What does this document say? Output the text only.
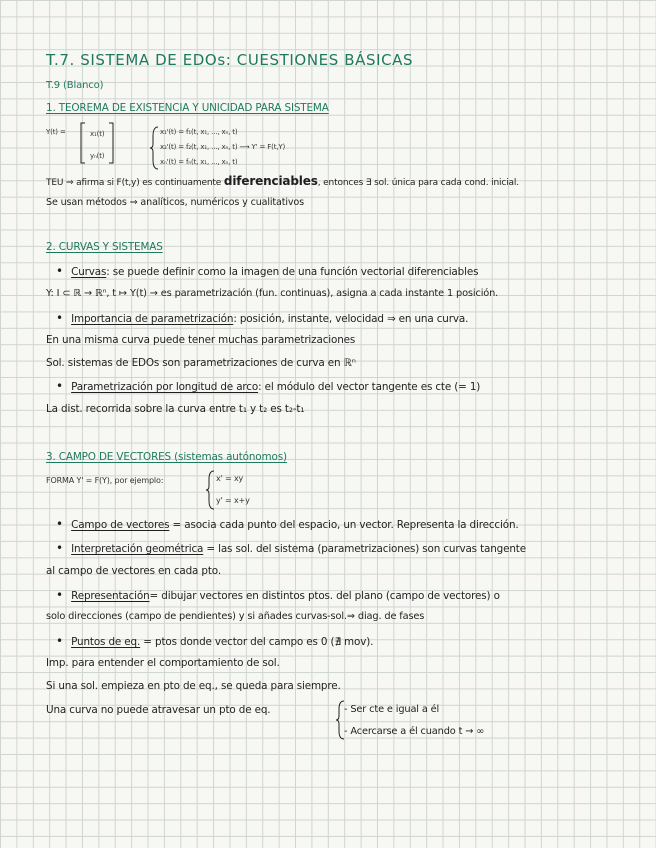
T.7. SISTEMA DE EDOs: CUESTIONES BÁSICAS
T.9 (Blanco)
1. TEOREMA DE EXISTENCIA Y UNICIDAD PARA SISTEMA
Y(t) =	x₁(t)
yₙ(t)
x₁'(t) = f₁(t, x₁, ..., xₙ, t)
x₂'(t) = f₂(t, x₁, ..., xₙ, t) ⟶ Y' = F(t,Y)
xₙ'(t) = fₙ(t, x₁, ..., xₙ, t)
TEU ⇒ afirma si F(t,y) es continuamente diferenciables, entonces ∃ sol. única para cada cond. inicial.
Se usan métodos ⇒ analíticos, numéricos y cualitativos
2. CURVAS Y SISTEMAS
• Curvas: se puede definir como la imagen de una función vectorial diferenciables
Y: I ⊂ ℝ → ℝⁿ, t ↦ Y(t) → es parametrización (fun. continuas), asigna a cada instante 1 posición.
• Importancia de parametrización: posición, instante, velocidad ⇒ en una curva.
En una misma curva puede tener muchas parametrizaciones
Sol. sistemas de EDOs son parametrizaciones de curva en ℝⁿ
• Parametrización por longitud de arco: el módulo del vector tangente es cte (= 1)
La dist. recorrida sobre la curva entre t₁ y t₂ es t₂-t₁
3. CAMPO DE VECTORES (sistemas autónomos)
FORMA Y' = F(Y), por ejemplo:	x' = xy
y' = x+y
• Campo de vectores = asocia cada punto del espacio, un vector. Representa la dirección.
• Interpretación geométrica = las sol. del sistema (parametrizaciones) son curvas tangente
al campo de vectores en cada pto.
• Representación= dibujar vectores en distintos ptos. del plano (campo de vectores) o
solo direcciones (campo de pendientes) y si añades curvas-sol.⇒ diag. de fases
• Puntos de eq. = ptos donde vector del campo es 0 (∄ mov).
Imp. para entender el comportamiento de sol.
Si una sol. empieza en pto de eq., se queda para siempre.
Una curva no puede atravesar un pto de eq.	- Ser cte e igual a él
- Acercarse a él cuando t → ∞
